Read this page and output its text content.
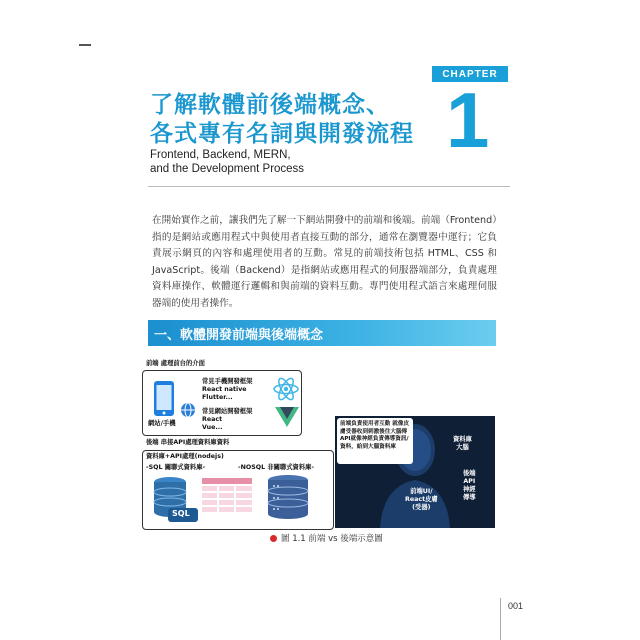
CHAPTER
1
了解軟體前後端概念、
各式專有名詞與開發流程
Frontend, Backend, MERN,
and the Development Process
在開始實作之前，讓我們先了解一下網站開發中的前端和後端。前端（Frontend）指的是網站或應用程式中與使用者直接互動的部分，通常在瀏覽器中運行；它負責展示網頁的內容和處理使用者的互動。常見的前端技術包括 HTML、CSS 和 JavaScript。後端（Backend）是指網站或應用程式的伺服器端部分，負責處理資料庫操作、軟體運行邏輯和與前端的資料互動。專門使用程式語言來處理伺服器端的使用者操作。
一、軟體開發前端與後端概念
前端 處理前台的介面
網站/手機
常見手機開發框架
React native
Flutter...
常見網站開發框架
React
Vue...
後端 串接API處理資料庫資料
資料庫+API處理(nodejs)
-SQL 關聯式資料庫-	-NOSQL 非關聯式資料庫-
SQL
前端負責使用者互動 就像皮膚受器收到刺激後往大腦傳API就像神經負責傳導資訊/資料，給到大腦資料庫
資料庫
大腦
前端UI/
React皮膚
(受器)
後端
API
神經
傳導
圖 1.1 前端 vs 後端示意圖
001
